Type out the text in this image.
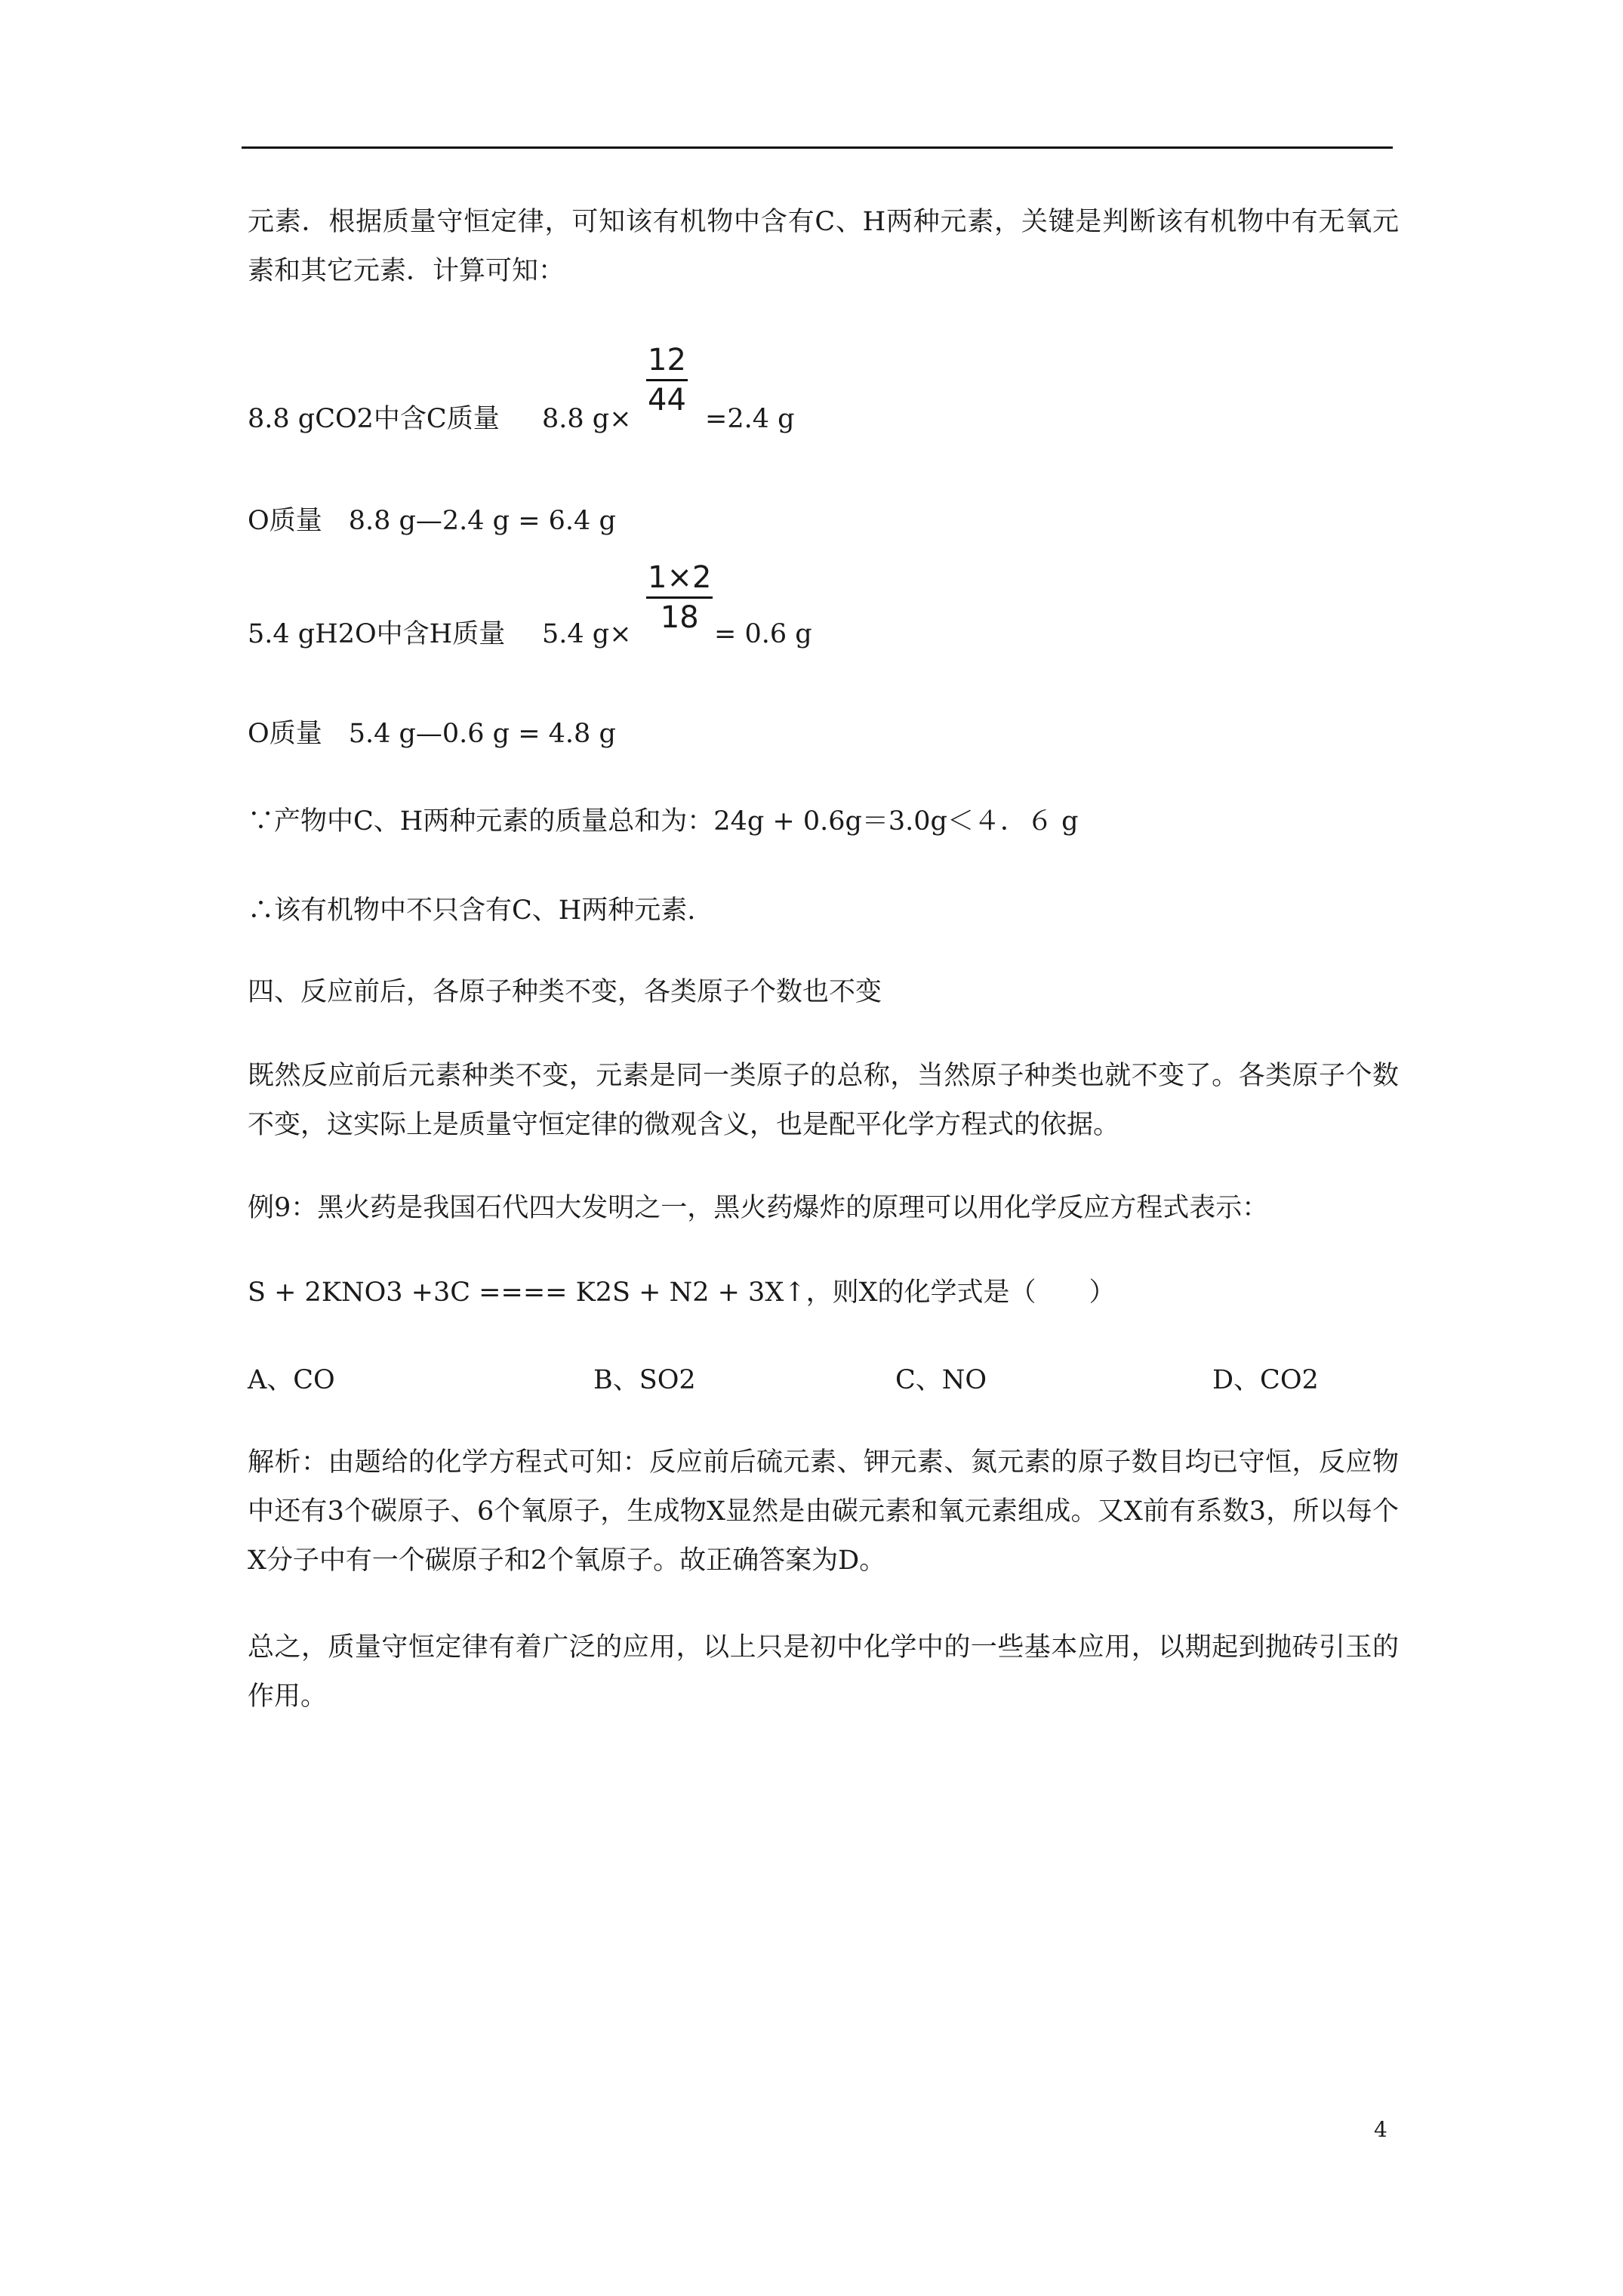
元素．根据质量守恒定律，可知该有机物中含有C、H两种元素，关键是判断该有机物中有无氧元素和其它元素．计算可知：
8.8 gCO2中含C质量 8.8 g×
$\frac{12}{44}$
=2.4 g
O质量　8.8 g—2.4 g = 6.4 g
5.4 gH2O中含H质量 5.4 $g\times \frac{1\times 2}{18} = 0.6$ g
O质量　5.4 g—0.6 g = 4.8 g
∵产物中C、H两种元素的质量总和为：24g + 0.6g＝3.0g＜４．６ g
∴该有机物中不只含有C、H两种元素.
四、反应前后，各原子种类不变，各类原子个数也不变
既然反应前后元素种类不变，元素是同一类原子的总称，当然原子种类也就不变了。各类原子个数不变，这实际上是质量守恒定律的微观含义，也是配平化学方程式的依据。
例9：黑火药是我国石代四大发明之一，黑火药爆炸的原理可以用化学反应方程式表示：
S + 2KNO3 +3C ==== K2S + N2 + 3X↑，则X的化学式是（　　）
A、CO	B、SO2	C、NO	D、CO2
解析：由题给的化学方程式可知：反应前后硫元素、钾元素、氮元素的原子数目均已守恒，反应物中还有3个碳原子、6个氧原子，生成物X显然是由碳元素和氧元素组成。又X前有系数3，所以每个X分子中有一个碳原子和2个氧原子。故正确答案为D。
总之，质量守恒定律有着广泛的应用，以上只是初中化学中的一些基本应用，以期起到抛砖引玉的作用。
4
